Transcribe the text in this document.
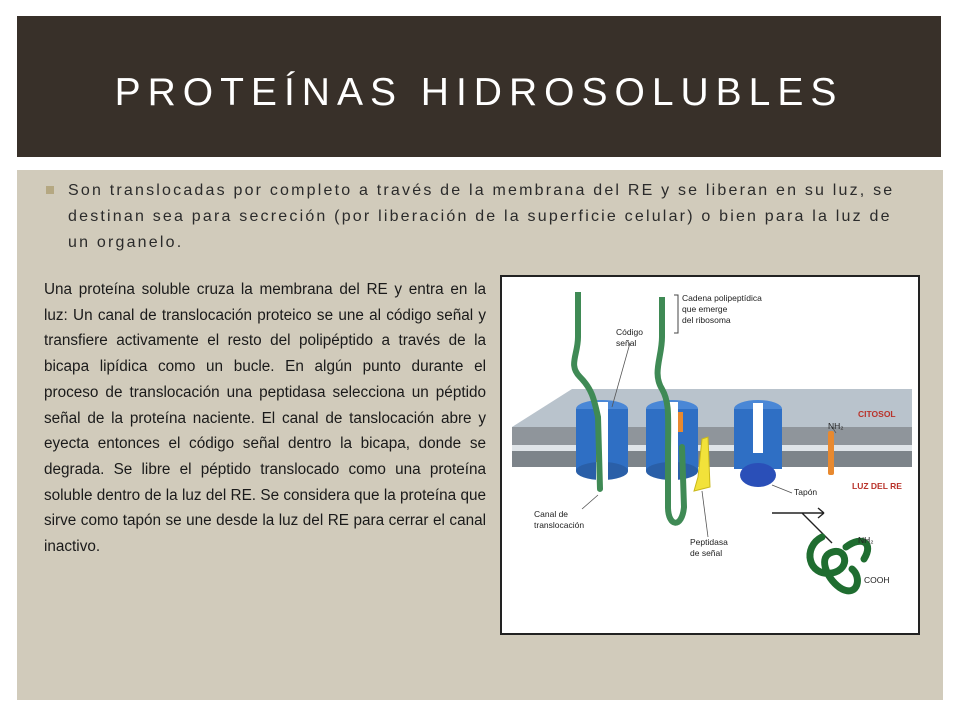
PROTEÍNAS HIDROSOLUBLES
Son translocadas por completo a través de la membrana del RE y se liberan en su luz, se destinan sea para secreción (por liberación de la superficie celular) o bien para la luz de un organelo.
Una proteína soluble cruza la membrana del RE y entra en la luz: Un canal de translocación proteico se une al código señal y transfiere activamente el resto del polipéptido a través de la bicapa lipídica como un bucle. En algún punto durante el proceso de translocación una peptidasa selecciona un péptido señal de la proteína naciente. El canal de tanslocación abre y eyecta entonces el código señal dentro la bicapa, donde se degrada. Se libre el péptido translocado como una proteína soluble dentro de la luz del RE. Se considera que la proteína que sirve como tapón se une desde la luz del RE para cerrar el canal inactivo.
Cadena polipeptídica
que emerge
del ribosoma
Código
señal
CITOSOL
NH₂
LUZ DEL RE
Tapón
Canal de
translocación
Peptidasa
de señal
NH₂
COOH
